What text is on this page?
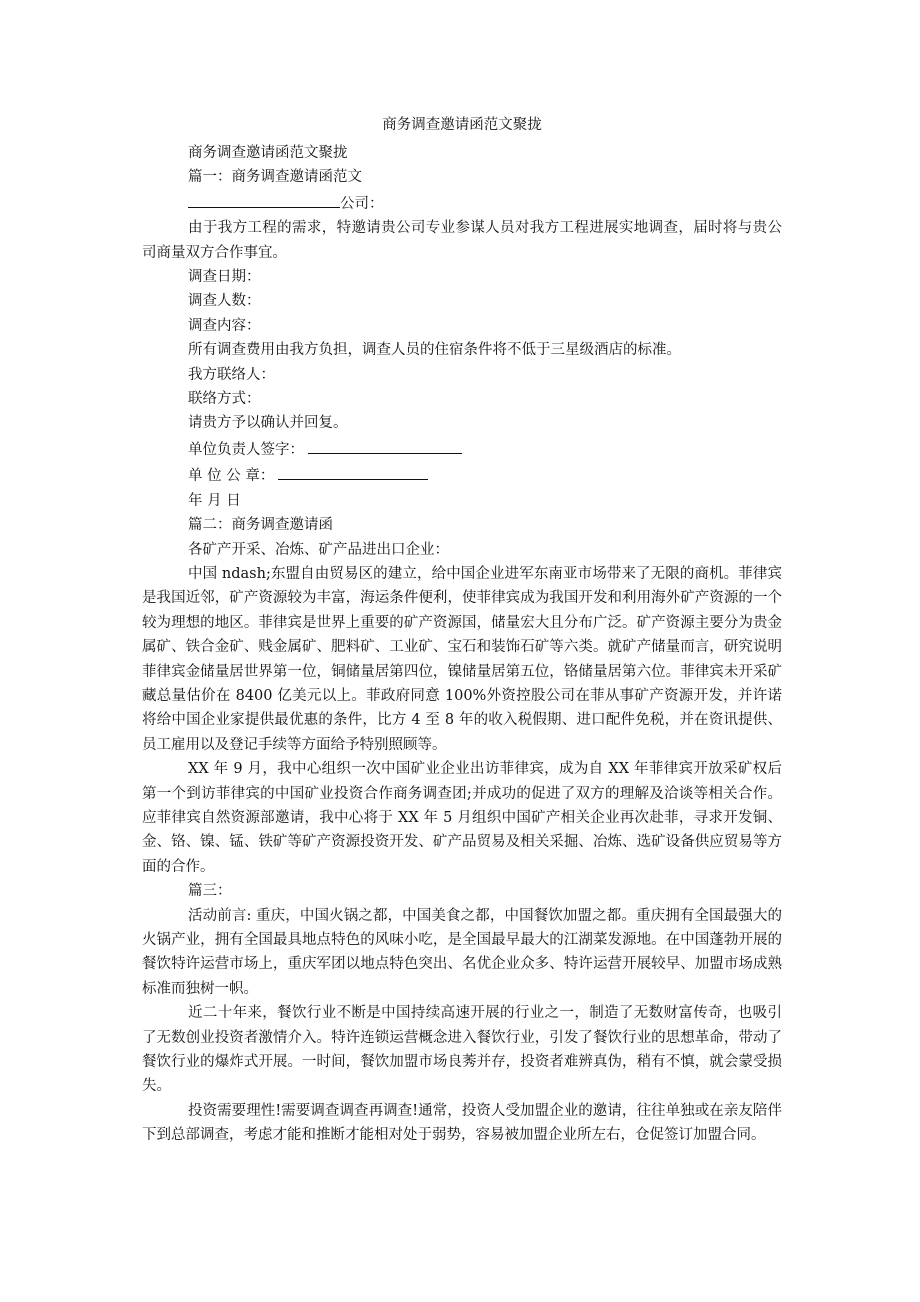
商务调查邀请函范文聚拢

商务调查邀请函范文聚拢

篇一：商务调查邀请函范文

公司：

由于我方工程的需求，特邀请贵公司专业参谋人员对我方工程进展实地调查，届时将与贵公司商量双方合作事宜。

调查日期：

调查人数：

调查内容：

所有调查费用由我方负担，调查人员的住宿条件将不低于三星级酒店的标准。

我方联络人：

联络方式：

请贵方予以确认并回复。

单位负责人签字：

单 位 公 章：

年 月 日

篇二：商务调查邀请函

各矿产开采、冶炼、矿产品进出口企业：

中国 ndash;东盟自由贸易区的建立，给中国企业进军东南亚市场带来了无限的商机。菲律宾是我国近邻，矿产资源较为丰富，海运条件便利，使菲律宾成为我国开发和利用海外矿产资源的一个较为理想的地区。菲律宾是世界上重要的矿产资源国，储量宏大且分布广泛。矿产资源主要分为贵金属矿、铁合金矿、贱金属矿、肥料矿、工业矿、宝石和装饰石矿等六类。就矿产储量而言，研究说明菲律宾金储量居世界第一位，铜储量居第四位，镍储量居第五位，铬储量居第六位。菲律宾未开采矿藏总量估价在 8400 亿美元以上。菲政府同意 100%外资控股公司在菲从事矿产资源开发，并许诺将给中国企业家提供最优惠的条件，比方 4 至 8 年的收入税假期、进口配件免税，并在资讯提供、员工雇用以及登记手续等方面给予特别照顾等。

XX 年 9 月，我中心组织一次中国矿业企业出访菲律宾，成为自 XX 年菲律宾开放采矿权后第一个到访菲律宾的中国矿业投资合作商务调查团;并成功的促进了双方的理解及洽谈等相关合作。应菲律宾自然资源部邀请，我中心将于 XX 年 5 月组织中国矿产相关企业再次赴菲，寻求开发铜、金、铬、镍、锰、铁矿等矿产资源投资开发、矿产品贸易及相关采掘、冶炼、选矿设备供应贸易等方面的合作。

篇三：

活动前言: 重庆，中国火锅之都，中国美食之都，中国餐饮加盟之都。重庆拥有全国最强大的火锅产业，拥有全国最具地点特色的风味小吃，是全国最早最大的江湖菜发源地。在中国蓬勃开展的餐饮特许运营市场上，重庆军团以地点特色突出、名优企业众多、特许运营开展较早、加盟市场成熟标准而独树一帜。

近二十年来，餐饮行业不断是中国持续高速开展的行业之一，制造了无数财富传奇，也吸引了无数创业投资者激情介入。特许连锁运营概念进入餐饮行业，引发了餐饮行业的思想革命，带动了餐饮行业的爆炸式开展。一时间，餐饮加盟市场良莠并存，投资者难辨真伪，稍有不慎，就会蒙受损失。

投资需要理性!需要调查调查再调查!通常，投资人受加盟企业的邀请，往往单独或在亲友陪伴下到总部调查，考虑才能和推断才能相对处于弱势，容易被加盟企业所左右，仓促签订加盟合同。
